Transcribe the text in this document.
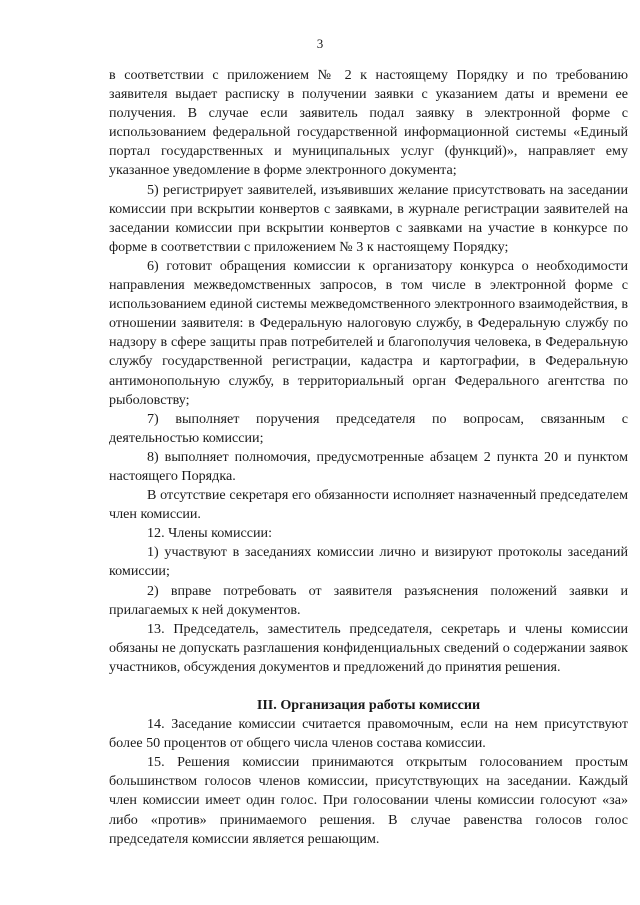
3

в соответствии с приложением № 2 к настоящему Порядку и по требованию заявителя выдает расписку в получении заявки с указанием даты и времени ее получения. В случае если заявитель подал заявку в электронной форме с использованием федеральной государственной информационной системы «Единый портал государственных и муниципальных услуг (функций)», направляет ему указанное уведомление в форме электронного документа;

5) регистрирует заявителей, изъявивших желание присутствовать на заседании комиссии при вскрытии конвертов с заявками, в журнале регистрации заявителей на заседании комиссии при вскрытии конвертов с заявками на участие в конкурсе по форме в соответствии с приложением № 3 к настоящему Порядку;

6) готовит обращения комиссии к организатору конкурса о необходимости направления межведомственных запросов, в том числе в электронной форме с использованием единой системы межведомственного электронного взаимодействия, в отношении заявителя: в Федеральную налоговую службу, в Федеральную службу по надзору в сфере защиты прав потребителей и благополучия человека, в Федеральную службу государственной регистрации, кадастра и картографии, в Федеральную антимонопольную службу, в территориальный орган Федерального агентства по рыболовству;

7) выполняет поручения председателя по вопросам, связанным с деятельностью комиссии;

8) выполняет полномочия, предусмотренные абзацем 2 пункта 20 и пунктом настоящего Порядка.

В отсутствие секретаря его обязанности исполняет назначенный председателем член комиссии.

12. Члены комиссии:

1) участвуют в заседаниях комиссии лично и визируют протоколы заседаний комиссии;

2) вправе потребовать от заявителя разъяснения положений заявки и прилагаемых к ней документов.

13. Председатель, заместитель председателя, секретарь и члены комиссии обязаны не допускать разглашения конфиденциальных сведений о содержании заявок участников, обсуждения документов и предложений до принятия решения.

III. Организация работы комиссии

14. Заседание комиссии считается правомочным, если на нем присутствуют более 50 процентов от общего числа членов состава комиссии.

15. Решения комиссии принимаются открытым голосованием простым большинством голосов членов комиссии, присутствующих на заседании. Каждый член комиссии имеет один голос. При голосовании члены комиссии голосуют «за» либо «против» принимаемого решения. В случае равенства голосов голос председателя комиссии является решающим.
